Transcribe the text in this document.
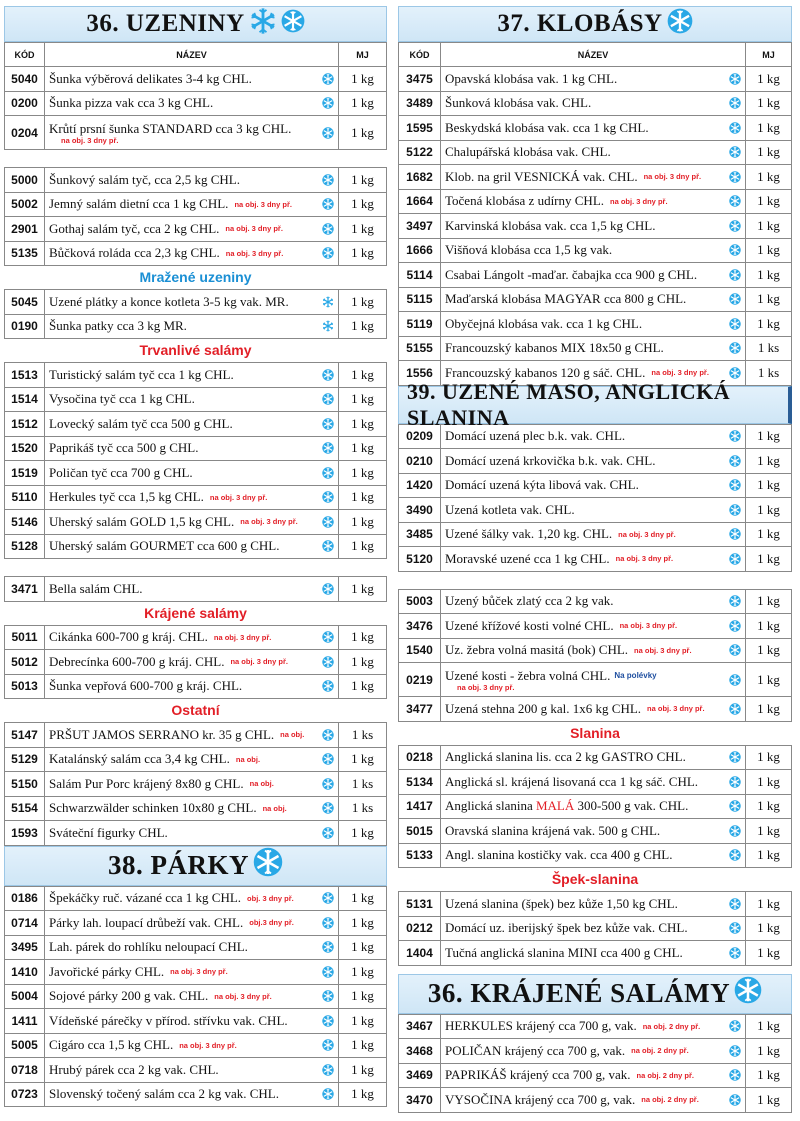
36. UZENINY
KÓD	NÁZEV	MJ
5040	Šunka výběrová delikates 3-4 kg CHL.	1 kg
0200	Šunka pizza vak cca 3 kg CHL.	1 kg
0204	Krůtí prsní šunka STANDARD cca 3 kg CHL.
na obj. 3 dny př.	1 kg

5000	Šunkový salám tyč, cca 2,5 kg CHL.	1 kg
5002	Jemný salám dietní cca 1 kg CHL. na obj. 3 dny př.	1 kg
2901	Gothaj salám tyč, cca 2 kg CHL. na obj. 3 dny př.	1 kg
5135	Bůčková roláda cca 2,3 kg CHL. na obj. 3 dny př.	1 kg
Mražené uzeniny
5045	Uzené plátky a konce kotleta 3-5 kg vak. MR.	1 kg
0190	Šunka patky cca 3 kg MR.	1 kg
Trvanlivé salámy
1513	Turistický salám tyč cca 1 kg CHL.	1 kg
1514	Vysočina tyč cca 1 kg CHL.	1 kg
1512	Lovecký salám tyč cca 500 g CHL.	1 kg
1520	Paprikáš tyč cca 500 g CHL.	1 kg
1519	Poličan tyč cca 700 g CHL.	1 kg
5110	Herkules tyč cca 1,5 kg CHL. na obj. 3 dny př.	1 kg
5146	Uherský salám GOLD 1,5 kg CHL. na obj. 3 dny př.	1 kg
5128	Uherský salám GOURMET cca 600 g CHL.	1 kg

3471	Bella salám CHL.	1 kg
Krájené salámy
5011	Cikánka 600-700 g kráj. CHL. na obj. 3 dny př.	1 kg
5012	Debrecínka 600-700 g kráj. CHL. na obj. 3 dny př.	1 kg
5013	Šunka vepřová 600-700 g kráj. CHL.	1 kg
Ostatní
5147	PRŠUT JAMOS SERRANO kr. 35 g CHL. na obj.	1 ks
5129	Katalánský salám cca 3,4 kg CHL. na obj.	1 kg
5150	Salám Pur Porc krájený 8x80 g CHL. na obj.	1 ks
5154	Schwarzwälder schinken 10x80 g CHL. na obj.	1 ks
1593	Sváteční figurky CHL.	1 kg
38. PÁRKY
0186	Špekáčky ruč. vázané cca 1 kg CHL. obj. 3 dny př.	1 kg
0714	Párky lah. loupací drůbeží vak. CHL. obj.3 dny př.	1 kg
3495	Lah. párek do rohlíku neloupací CHL.	1 kg
1410	Javořické párky CHL. na obj. 3 dny př.	1 kg
5004	Sojové párky 200 g vak. CHL. na obj. 3 dny př.	1 kg
1411	Vídeňské párečky v přírod. střívku vak. CHL.	1 kg
5005	Cigáro cca 1,5 kg CHL. na obj. 3 dny př.	1 kg
0718	Hrubý párek cca 2 kg vak. CHL.	1 kg
0723	Slovenský točený salám cca 2 kg vak. CHL.	1 kg
37. KLOBÁSY
KÓD	NÁZEV	MJ
3475	Opavská klobása vak. 1 kg CHL.	1 kg
3489	Šunková klobása vak. CHL.	1 kg
1595	Beskydská klobása vak. cca 1 kg CHL.	1 kg
5122	Chalupářská klobása vak. CHL.	1 kg
1682	Klob. na gril VESNICKÁ vak. CHL. na obj. 3 dny př.	1 kg
1664	Točená klobása z udírny CHL. na obj. 3 dny př.	1 kg
3497	Karvinská klobása vak. cca 1,5 kg CHL.	1 kg
1666	Višňová klobása cca 1,5 kg vak.	1 kg
5114	Csabai Lángolt -maďar. čabajka cca 900 g CHL.	1 kg
5115	Maďarská klobása MAGYAR cca 800 g CHL.	1 kg
5119	Obyčejná klobása vak. cca 1 kg CHL.	1 kg
5155	Francouzský kabanos MIX 18x50 g CHL.	1 ks
1556	Francouzský kabanos 120 g sáč. CHL. na obj. 3 dny př.	1 ks
39. UZENÉ MASO, ANGLICKÁ SLANINA
0209	Domácí uzená plec b.k. vak. CHL.	1 kg
0210	Domácí uzená krkovička b.k. vak. CHL.	1 kg
1420	Domácí uzená kýta libová vak. CHL.	1 kg
3490	Uzená kotleta vak. CHL.	1 kg
3485	Uzené šálky vak. 1,20 kg. CHL. na obj. 3 dny př.	1 kg
5120	Moravské uzené cca 1 kg CHL. na obj. 3 dny př.	1 kg

5003	Uzený bůček zlatý cca 2 kg vak.	1 kg
3476	Uzené křížové kosti volné CHL. na obj. 3 dny př.	1 kg
1540	Uz. žebra volná masitá (bok) CHL. na obj. 3 dny př.	1 kg
0219	Uzené kosti - žebra volná CHL. Na polévky
na obj. 3 dny př.	1 kg
3477	Uzená stehna 200 g kal. 1x6 kg CHL. na obj. 3 dny př.	1 kg
Slanina
0218	Anglická slanina lis. cca 2 kg GASTRO CHL.	1 kg
5134	Anglická sl. krájená lisovaná cca 1 kg sáč. CHL.	1 kg
1417	Anglická slanina MALÁ 300-500 g vak. CHL.	1 kg
5015	Oravská slanina krájená vak. 500 g CHL.	1 kg
5133	Angl. slanina kostičky vak. cca 400 g CHL.	1 kg
Špek-slanina
5131	Uzená slanina (špek) bez kůže 1,50 kg CHL.	1 kg
0212	Domácí uz. iberijský špek bez kůže vak. CHL.	1 kg
1404	Tučná anglická slanina MINI cca 400 g CHL.	1 kg
36. KRÁJENÉ SALÁMY
3467	HERKULES krájený cca 700 g, vak. na obj. 2 dny př.	1 kg
3468	POLIČAN krájený cca 700 g, vak. na obj. 2 dny př.	1 kg
3469	PAPRIKÁŠ krájený cca 700 g, vak. na obj. 2 dny př.	1 kg
3470	VYSOČINA krájený cca 700 g, vak. na obj. 2 dny př.	1 kg
